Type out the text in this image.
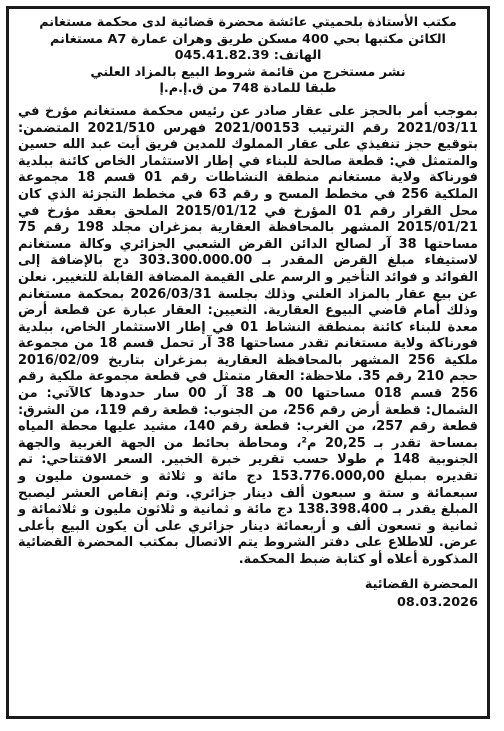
مكتب الأستاذة بلحميتي عائشة محضرة قضائية لدى محكمة مستغانم
الكائن مكتبها بحي 400 مسكن طريق وهران عمارة A7 مستغانم
الهاتف: 045.41.82.39
نشر مستخرج من قائمة شروط البيع بالمزاد العلني
طبقا للمادة 748 من ق.إ.م.إ
بموجب أمر بالحجز على عقار صادر عن رئيس محكمة مستغانم مؤرخ في 2021/03/11 رقم الترتيب 2021/00153 فهرس 2021/510 المتضمن: بتوقيع حجز تنفيذي على عقار المملوك للمدين فريق أيت عبد الله حسين والمتمثل في: قطعة صالحة للبناء في إطار الاستثمار الخاص كائنة ببلدية فورناكة ولاية مستغانم منطقة النشاطات رقم 01 قسم 18 مجموعة الملكية 256 في مخطط المسح و رقم 63 في مخطط التجزئة الذي كان محل القرار رقم 01 المؤرخ في 2015/01/12 الملحق بعقد مؤرخ في 2015/01/21 المشهر بالمحافظة العقارية بمزغران مجلد 198 رقم 75 مساحتها 38 آر لصالح الدائن القرض الشعبي الجزائري وكالة مستغانم لاستيفاء مبلغ القرض المقدر بـ 303.300.000.00 دج بالإضافة إلى الفوائد و فوائد التأخير و الرسم على القيمة المضافة القابلة للتغيير. نعلن عن بيع عقار بالمزاد العلني وذلك بجلسة 2026/03/31 بمحكمة مستغانم وذلك أمام قاضي البيوع العقارية. التعيين: العقار عبارة عن قطعة أرض معدة للبناء كائنة بمنطقة النشاط 01 في إطار الاستثمار الخاص، ببلدية فورناكة ولاية مستغانم تقدر مساحتها 38 آر تحمل قسم 18 من مجموعة ملكية 256 المشهر بالمحافظة العقارية بمزغران بتاريخ 2016/02/09 حجم 210 رقم 35. ملاحظة: العقار متمثل في قطعة مجموعة ملكية رقم 256 قسم 018 مساحتها 00 هـ 38 آر 00 سار حدودها كالآتي: من الشمال: قطعة أرض رقم 256، من الجنوب: قطعة رقم 119، من الشرق: قطعة رقم 257، من الغرب: قطعة رقم 140، مشيد عليها محطة المياه بمساحة تقدر بـ 20,25 م²، ومحاطة بحائط من الجهة الغربية والجهة الجنوبية 148 م طولا حسب تقرير خبرة الخبير. السعر الافتتاحي: تم تقديره بمبلغ 153.776.000,00 دج مائة و ثلاثة و خمسون مليون و سبعمائة و ستة و سبعون ألف دينار جزائري. وتم إنقاص العشر ليصبح المبلغ يقدر بـ 138.398.400 دج مائة و ثمانية و ثلاثون مليون و ثلاثمائة و ثمانية و تسعون ألف و أربعمائة دينار جزائري على أن يكون البيع بأعلى عرض. للاطلاع على دفتر الشروط يتم الاتصال بمكتب المحضرة القضائية المذكورة أعلاه أو كتابة ضبط المحكمة.
المحضرة القضائية
08.03.2026
